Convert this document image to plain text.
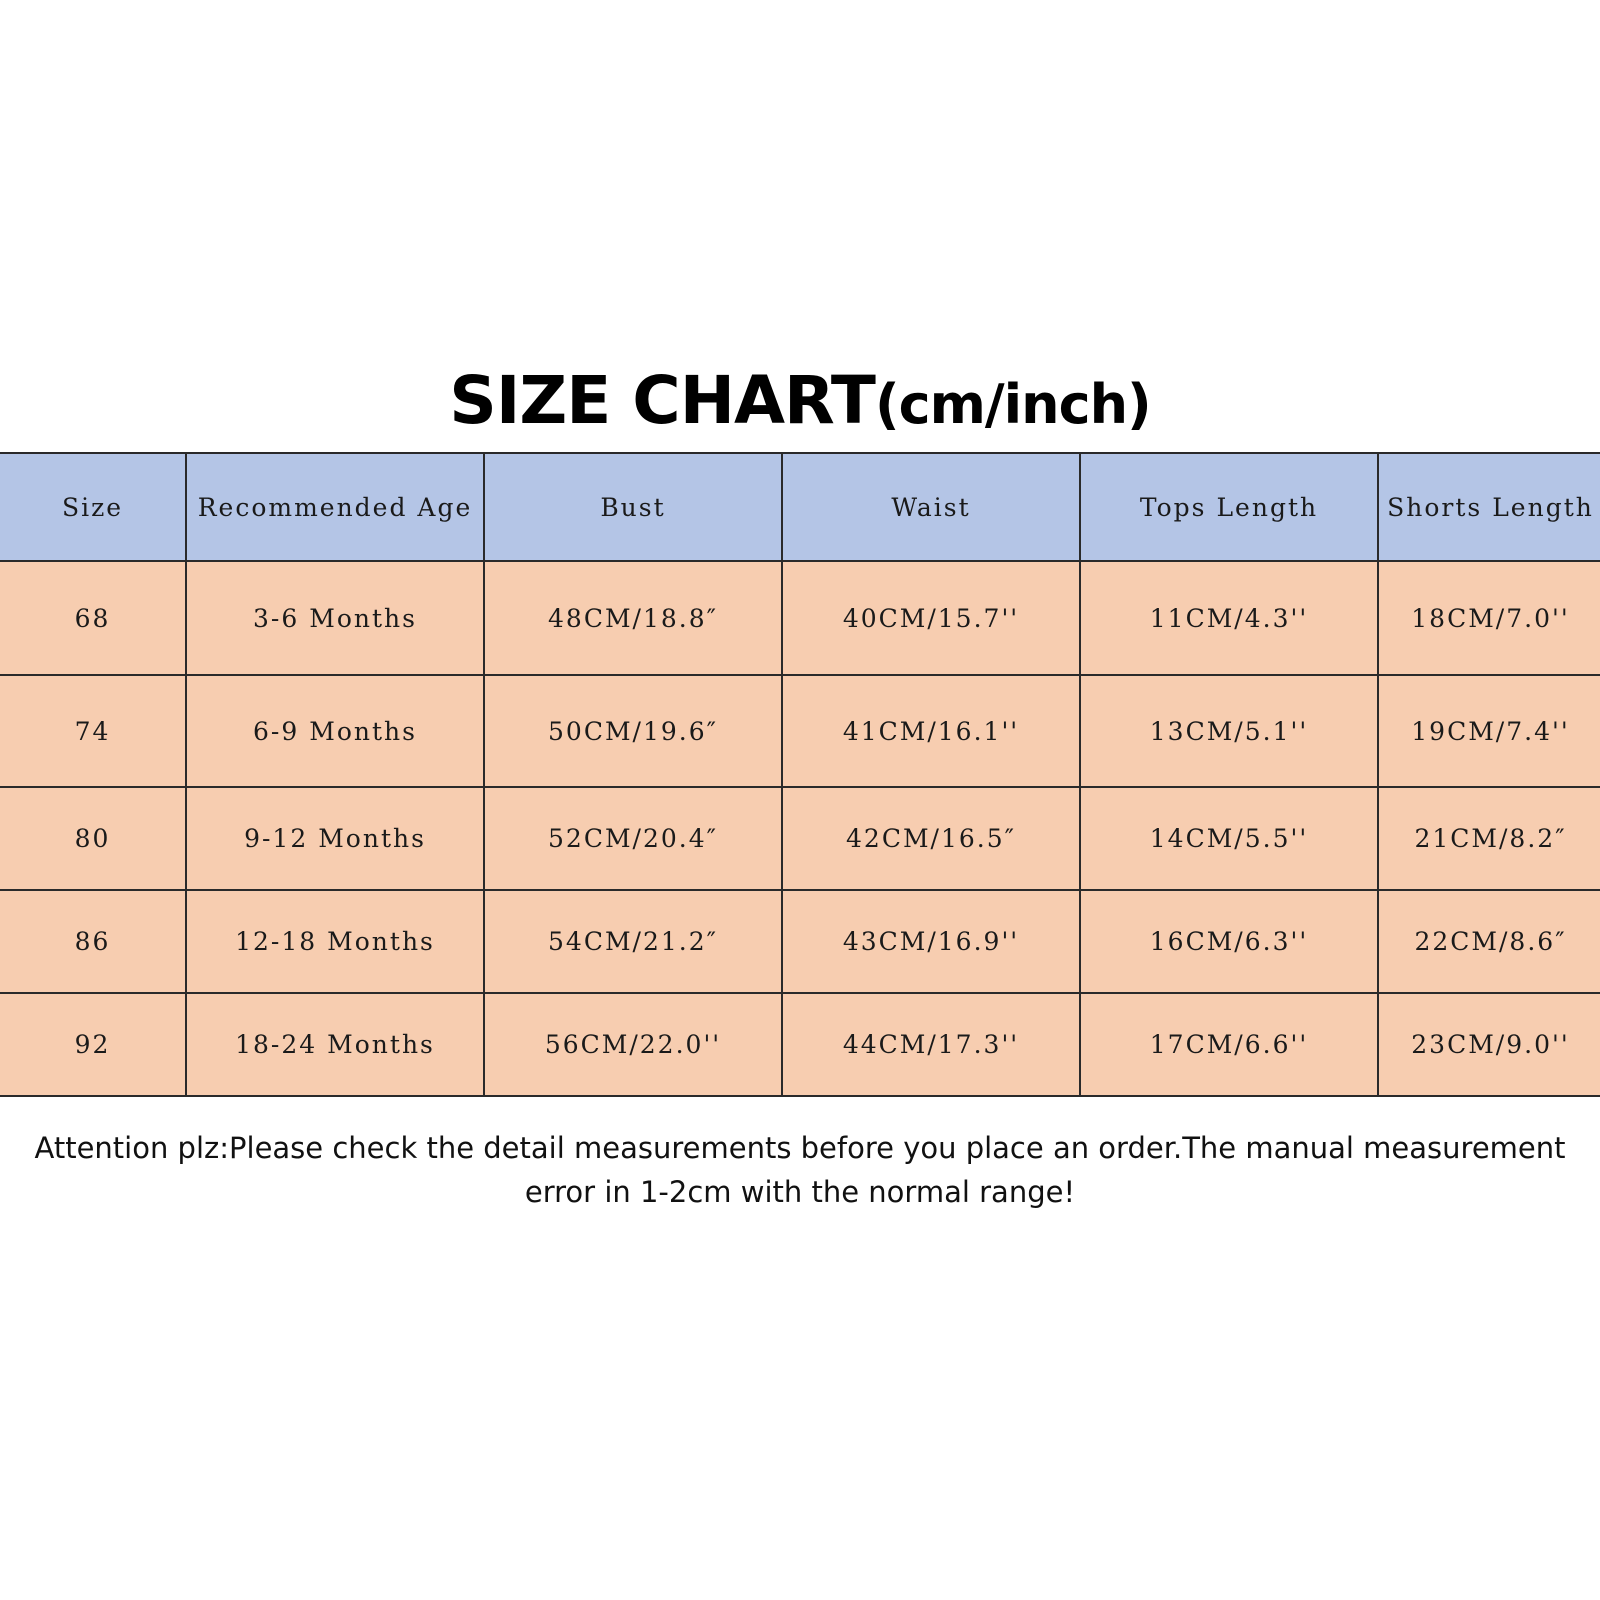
SIZE CHART(cm/inch)
Size	Recommended Age	Bust	Waist	Tops Length	Shorts Length
68	3-6 Months	48CM/18.8″	40CM/15.7''	11CM/4.3''	18CM/7.0''
74	6-9 Months	50CM/19.6″	41CM/16.1''	13CM/5.1''	19CM/7.4''
80	9-12 Months	52CM/20.4″	42CM/16.5″	14CM/5.5''	21CM/8.2″
86	12-18 Months	54CM/21.2″	43CM/16.9''	16CM/6.3''	22CM/8.6″
92	18-24 Months	56CM/22.0''	44CM/17.3''	17CM/6.6''	23CM/9.0''
Attention plz:Please check the detail measurements before you place an order.The manual measurement error in 1-2cm with the normal range!
